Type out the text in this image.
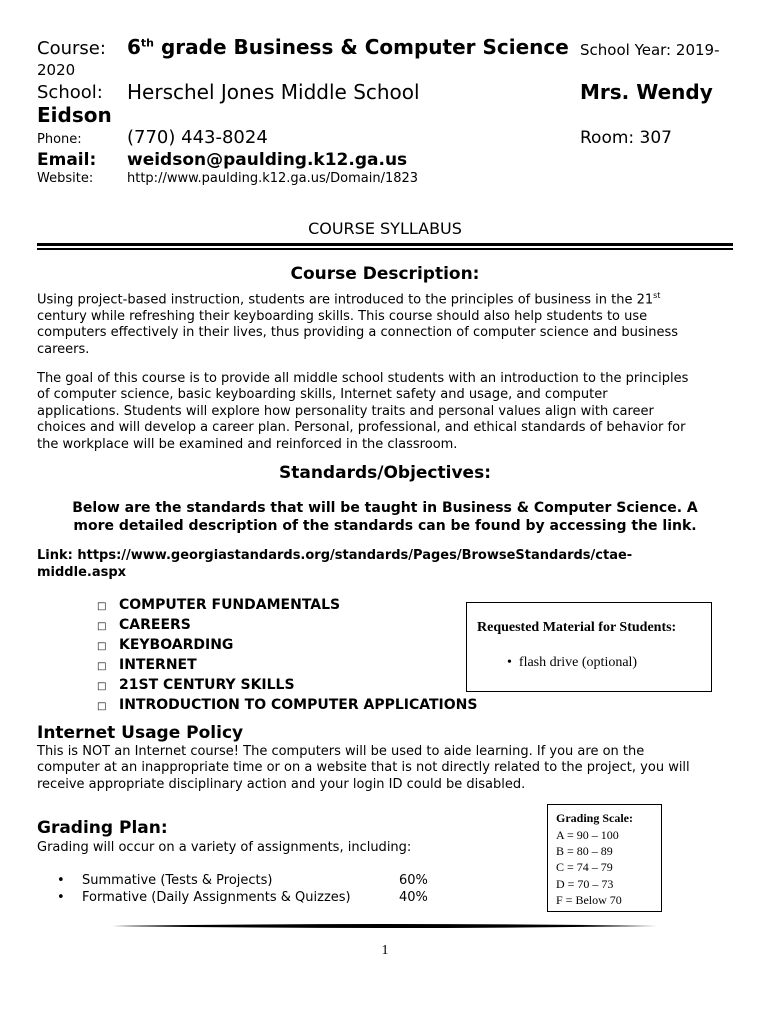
Course: 6th grade Business & Computer Science School Year: 2019-
2020
School: Herschel Jones Middle School	Mrs. Wendy
Eidson
Phone:	(770) 443-8024	Room: 307
Email: weidson@paulding.k12.ga.us
Website:	http://www.paulding.k12.ga.us/Domain/1823
COURSE SYLLABUS
Course Description:
Using project-based instruction, students are introduced to the principles of business in the 21st
century while refreshing their keyboarding skills. This course should also help students to use
computers effectively in their lives, thus providing a connection of computer science and business
careers.
The goal of this course is to provide all middle school students with an introduction to the principles
of computer science, basic keyboarding skills, Internet safety and usage, and computer
applications. Students will explore how personality traits and personal values align with career
choices and will develop a career plan. Personal, professional, and ethical standards of behavior for
the workplace will be examined and reinforced in the classroom.
Standards/Objectives:
Below are the standards that will be taught in Business & Computer Science. A
more detailed description of the standards can be found by accessing the link.
Link: https://www.georgiastandards.org/standards/Pages/BrowseStandards/ctae-
middle.aspx
□ COMPUTER FUNDAMENTALS
□ CAREERS
□ KEYBOARDING
□ INTERNET
□ 21ST CENTURY SKILLS
□ INTRODUCTION TO COMPUTER APPLICATIONS
Requested Material for Students:
•  flash drive (optional)
Internet Usage Policy
This is NOT an Internet course! The computers will be used to aide learning. If you are on the
computer at an inappropriate time or on a website that is not directly related to the project, you will
receive appropriate disciplinary action and your login ID could be disabled.
Grading Plan:
Grading will occur on a variety of assignments, including:
• Summative (Tests & Projects)	60%
• Formative (Daily Assignments & Quizzes)	40%
Grading Scale:
A = 90 – 100
B = 80 – 89
C = 74 – 79
D = 70 – 73
F = Below 70
1
